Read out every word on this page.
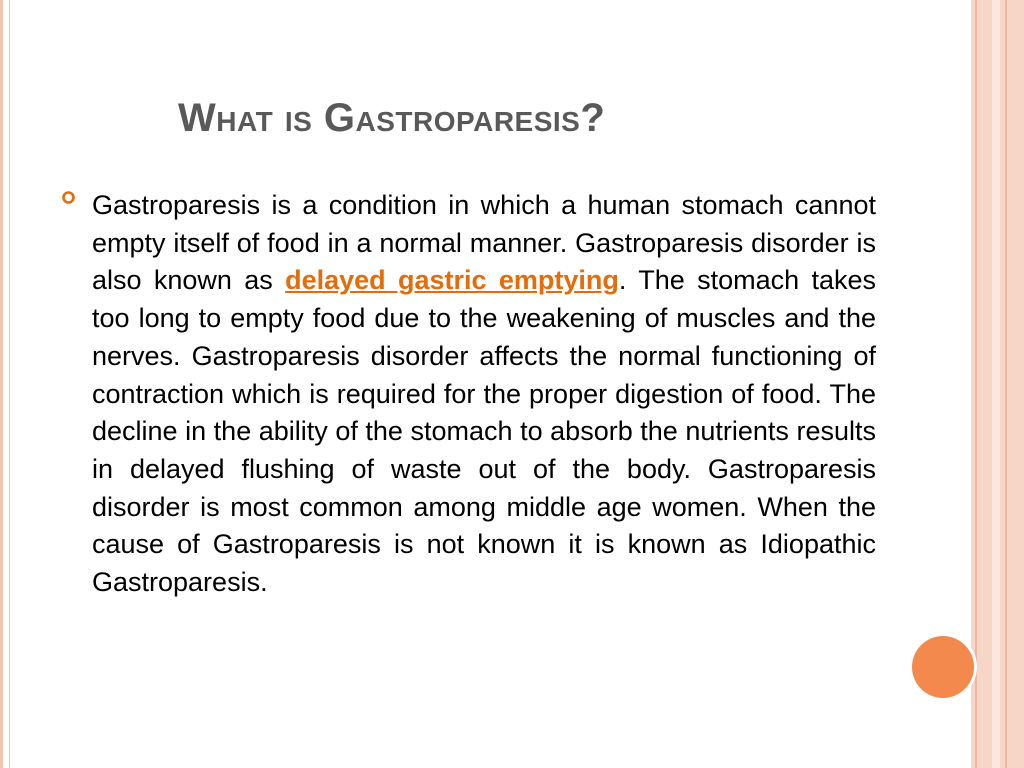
What is Gastroparesis?

Gastroparesis is a condition in which a human stomach cannot empty itself of food in a normal manner. Gastroparesis disorder is also known as delayed gastric emptying. The stomach takes too long to empty food due to the weakening of muscles and the nerves. Gastroparesis disorder affects the normal functioning of contraction which is required for the proper digestion of food. The decline in the ability of the stomach to absorb the nutrients results in delayed flushing of waste out of the body. Gastroparesis disorder is most common among middle age women. When the cause of Gastroparesis is not known it is known as Idiopathic Gastroparesis.
